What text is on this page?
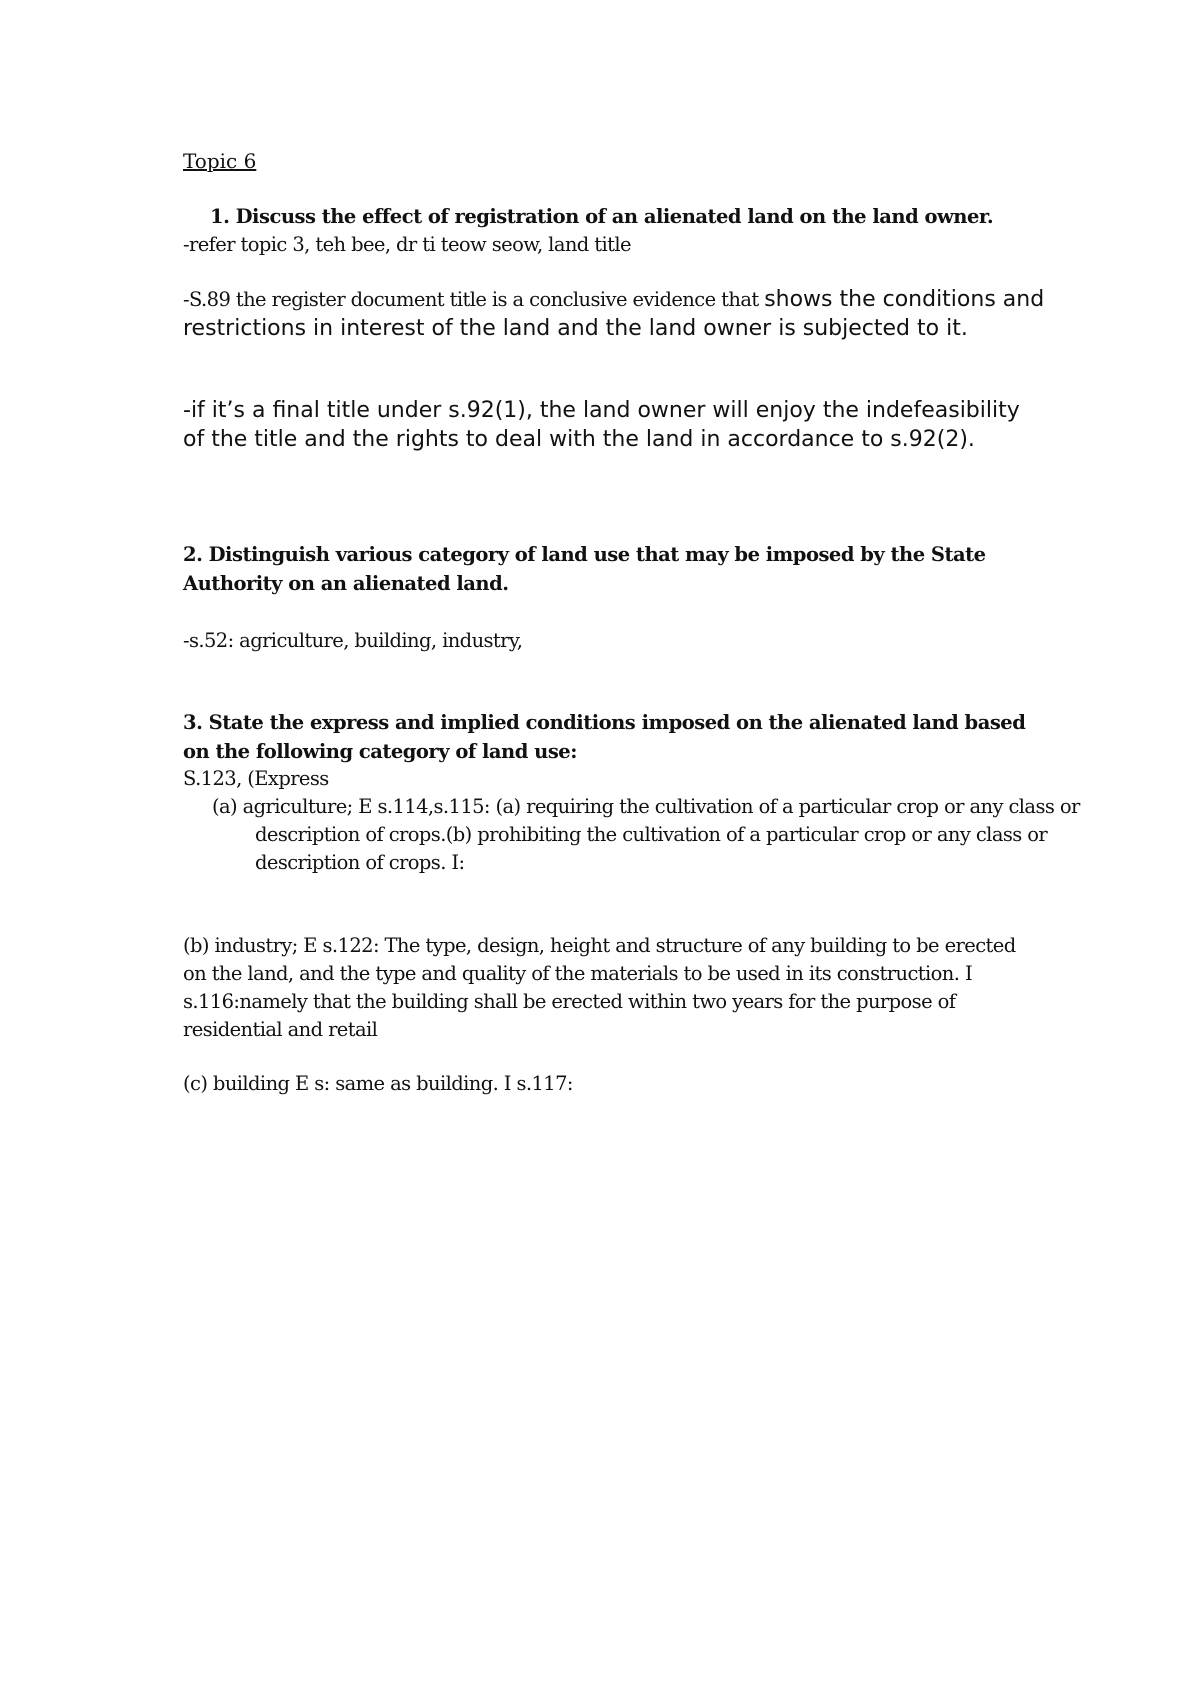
Topic 6

1. Discuss the effect of registration of an alienated land on the land owner.

-refer topic 3, teh bee, dr ti teow seow, land title

-S.89 the register document title is a conclusive evidence that shows the conditions and restrictions in interest of the land and the land owner is subjected to it.

-if it’s a final title under s.92(1), the land owner will enjoy the indefeasibility of the title and the rights to deal with the land in accordance to s.92(2).

2. Distinguish various category of land use that may be imposed by the State Authority on an alienated land.

-s.52: agriculture, building, industry,

3. State the express and implied conditions imposed on the alienated land based on the following category of land use:

S.123, (Express

(a) agriculture; E s.114,s.115: (a) requiring the cultivation of a particular crop or any class or description of crops.(b) prohibiting the cultivation of a particular crop or any class or description of crops. I:

(b) industry; E s.122: The type, design, height and structure of any building to be erected on the land, and the type and quality of the materials to be used in its construction. I s.116:namely that the building shall be erected within two years for the purpose of residential and retail

(c) building E s: same as building. I s.117:
